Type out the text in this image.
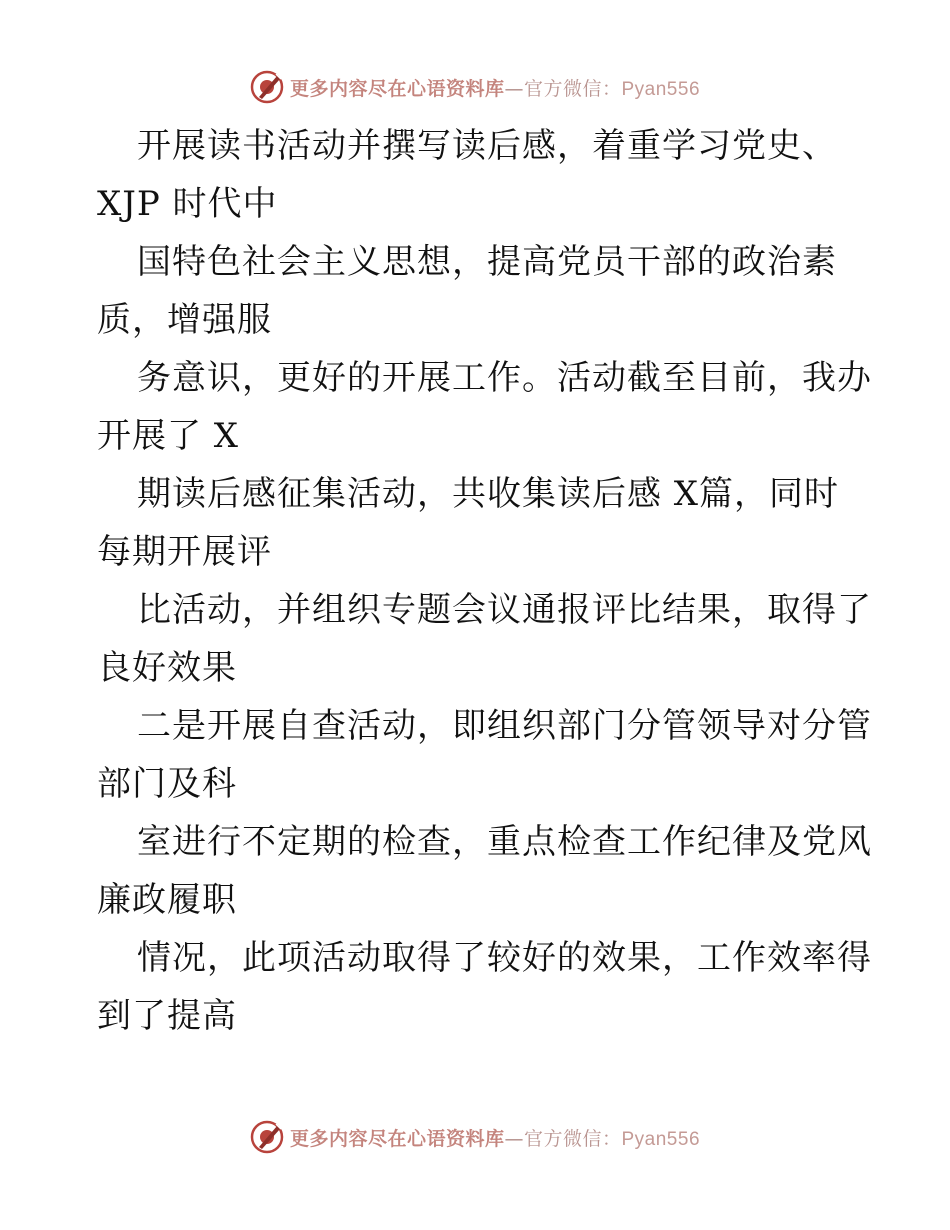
更多内容尽在心语资料库 — 官方微信： Pyan556
开展读书活动并撰写读后感，着重学习党史、
XJP 时代中
国特色社会主义思想，提高党员干部的政治素
质，增强服
务意识，更好的开展工作。活动截至目前，我办
开展了 X
期读后感征集活动，共收集读后感 X篇，同时
每期开展评
比活动，并组织专题会议通报评比结果，取得了
良好效果
二是开展自查活动，即组织部门分管领导对分管
部门及科
室进行不定期的检查，重点检查工作纪律及党风
廉政履职
情况，此项活动取得了较好的效果，工作效率得
到了提高
更多内容尽在心语资料库 — 官方微信： Pyan556
